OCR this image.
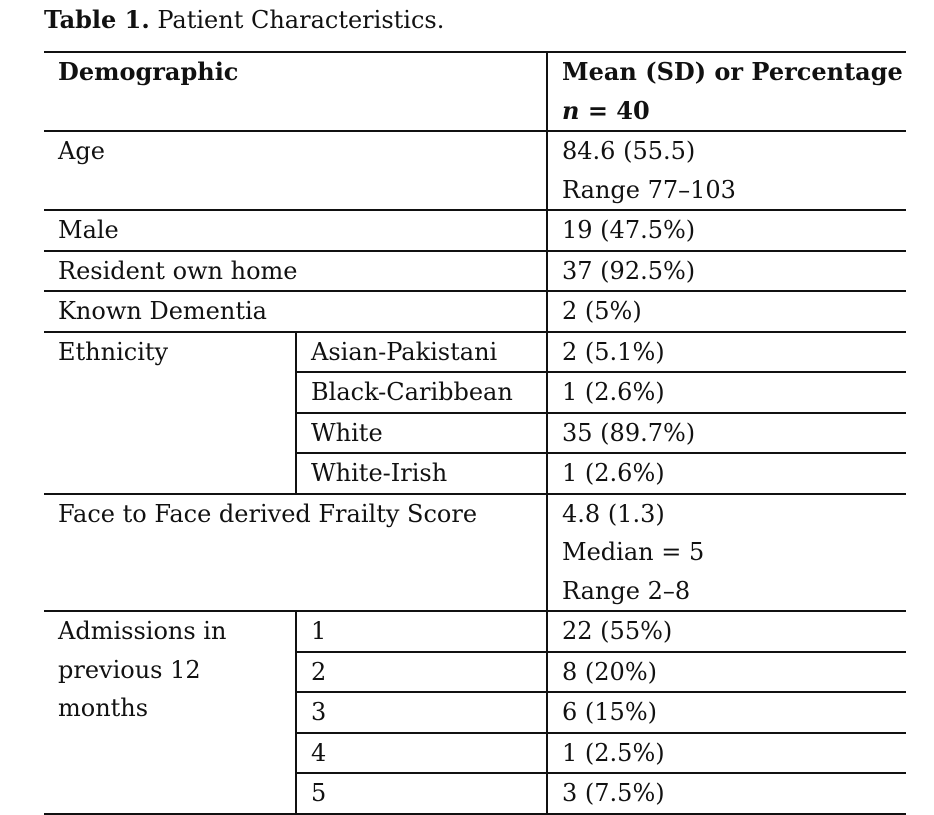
Table 1. Patient Characteristics.
Demographic		Mean (SD) or Percentage
n = 40

Age		84.6 (55.5)
Range 77–103

Male		19 (47.5%)
Resident own home		37 (92.5%)
Known Dementia		2 (5%)
Ethnicity	Asian-Pakistani	2 (5.1%)
	Black-Caribbean	1 (2.6%)
	White	35 (89.7%)
	White-Irish	1 (2.6%)
Face to Face derived Frailty Score		4.8 (1.3)
Median = 5
Range 2–8

Admissions in
previous 12
months	1	22 (55%)
	2	8 (20%)
	3	6 (15%)
	4	1 (2.5%)
	5	3 (7.5%)
